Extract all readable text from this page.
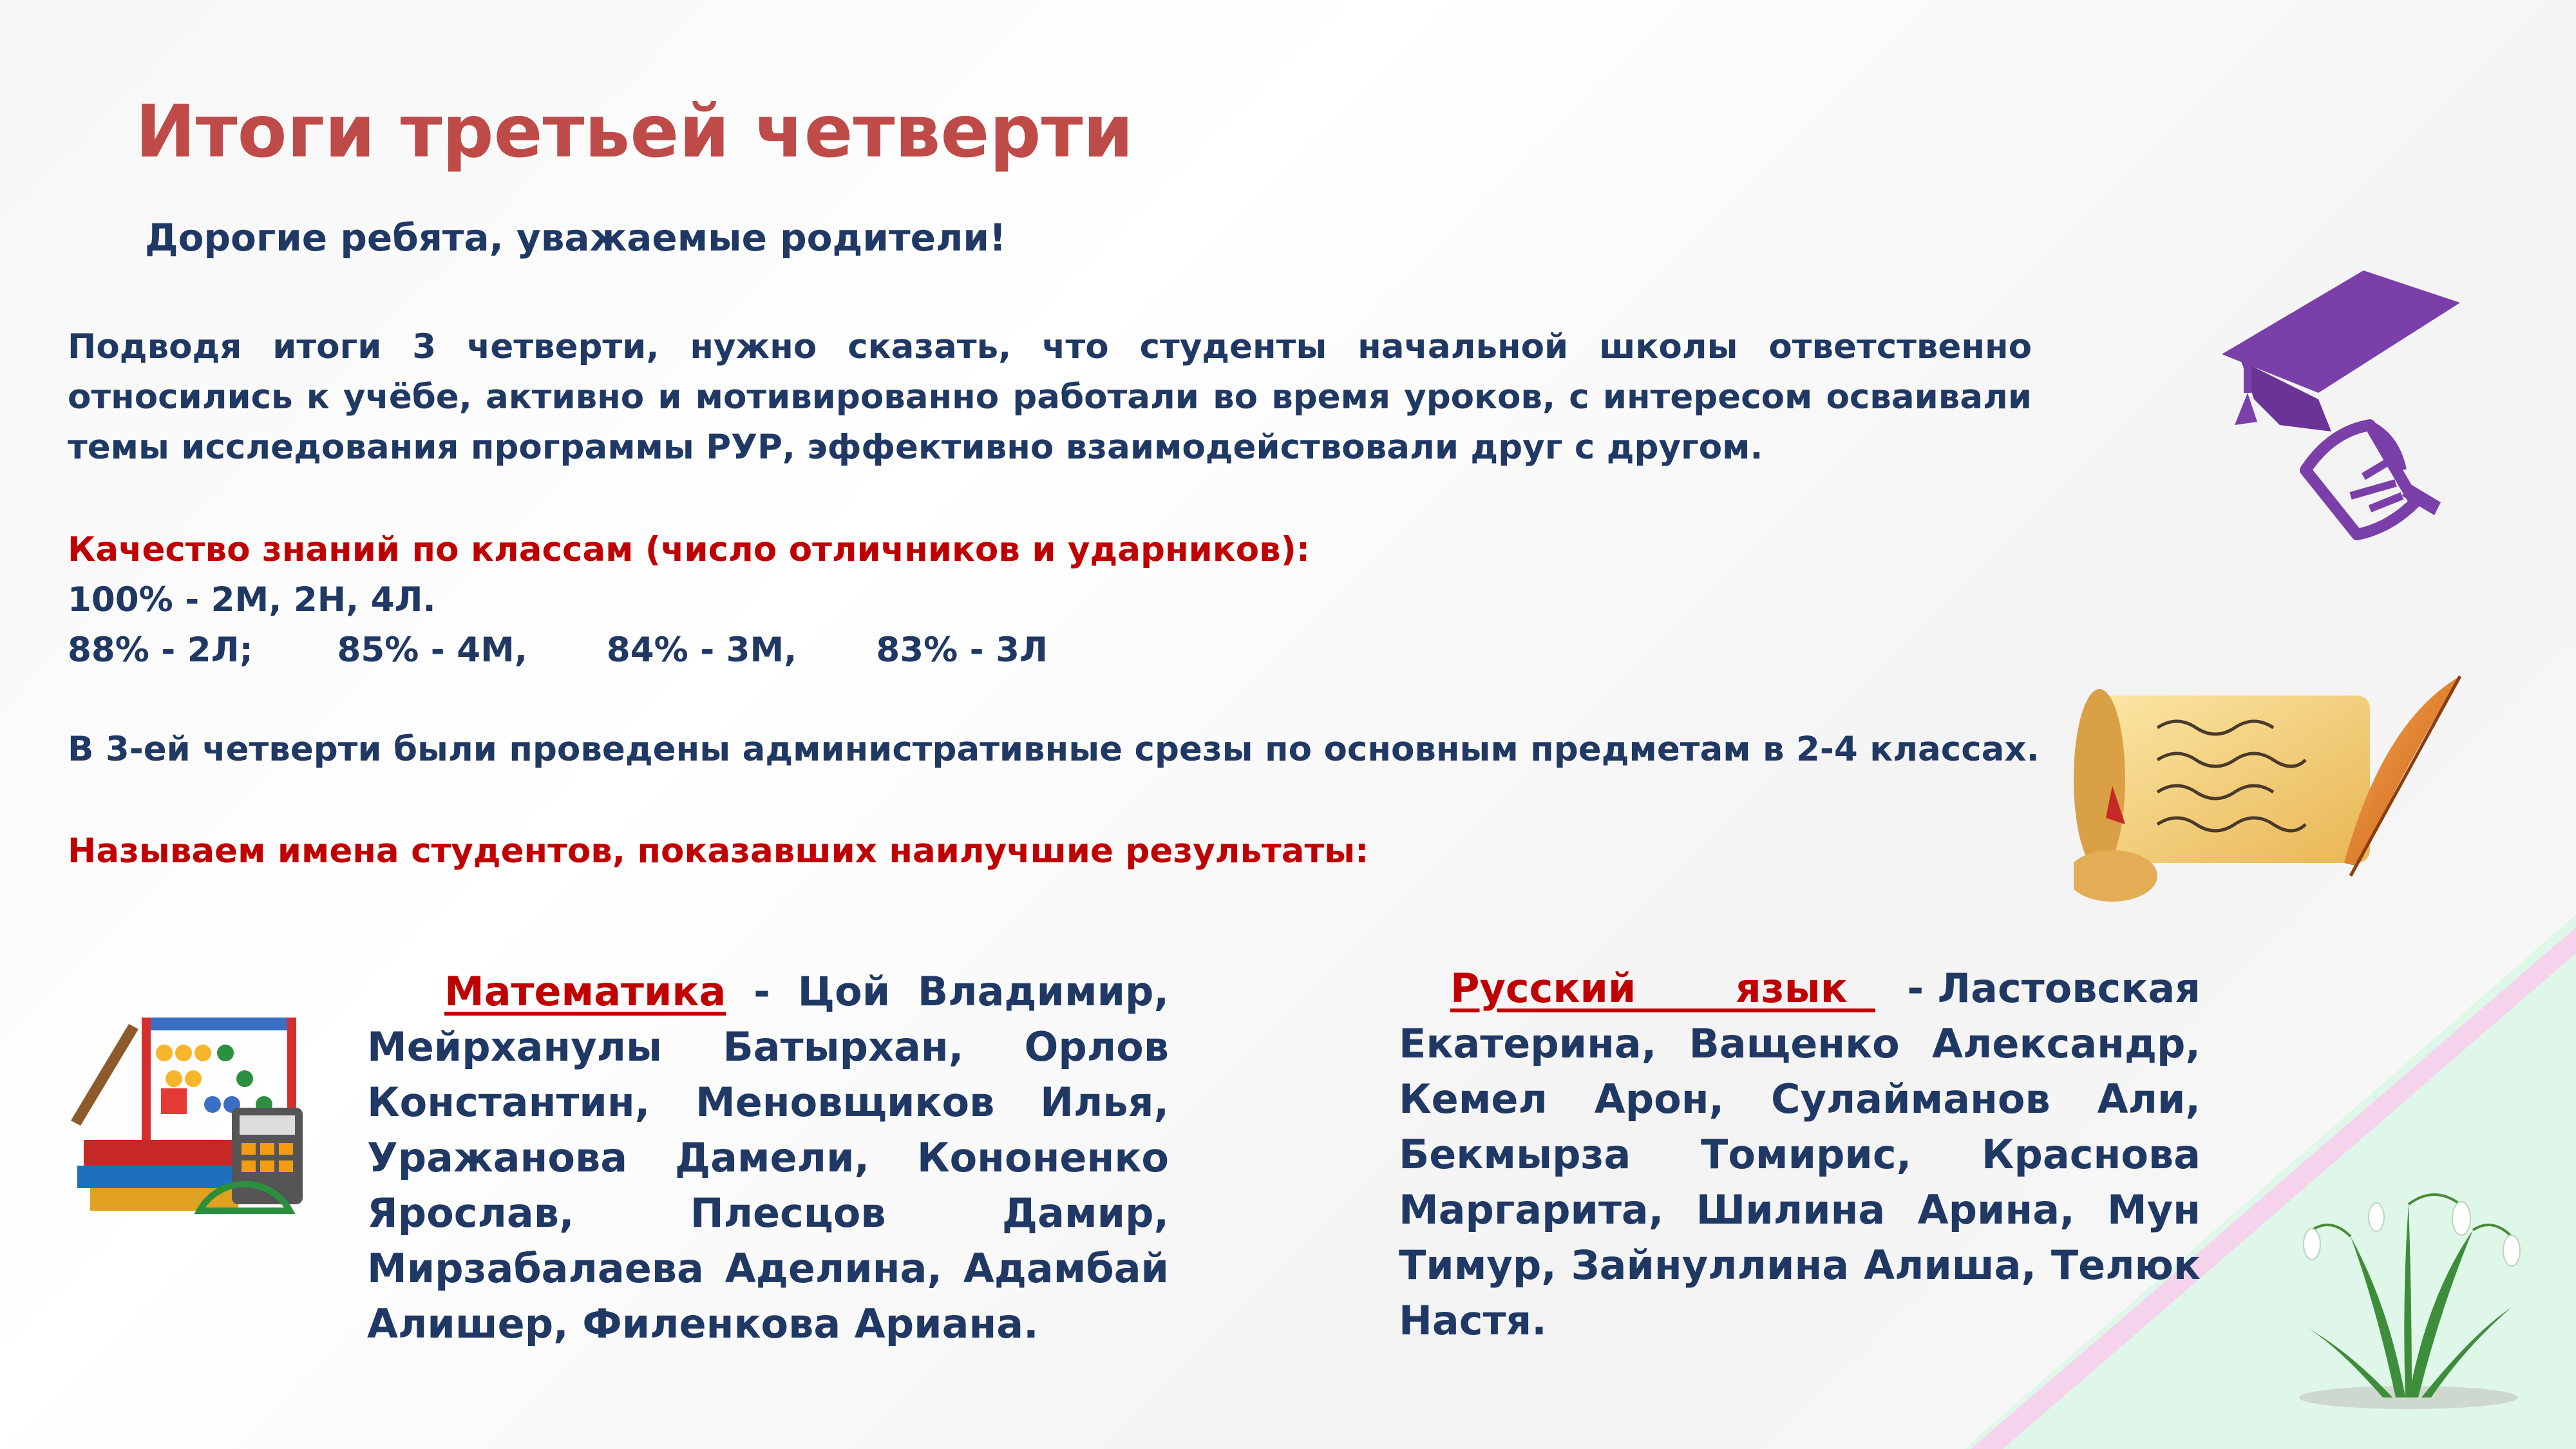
Итоги третьей четверти
Дорогие ребята, уважаемые родители!
Подводя итоги 3 четверти, нужно сказать, что студенты начальной школы ответственно относились к учёбе, активно и мотивированно работали во время уроков, с интересом осваивали темы исследования программы РУР, эффективно взаимодействовали друг с другом.
Качество знаний по классам (число отличников и ударников):
100% - 2М, 2Н, 4Л.
88% - 2Л; 85% - 4М, 84% - 3М, 83% - 3Л
В 3-ей четверти были проведены административные срезы по основным предметам в 2-4 классах.
Называем имена студентов, показавших наилучшие результаты:
Математика - Цой Владимир,
Мейрханулы Батырхан, Орлов
Константин, Меновщиков Илья,
Уражанова Дамели, Кононенко
Ярослав, Плесцов Дамир,
Мирзабалаева Аделина, Адамбай
Алишер, Филенкова Ариана.
Русский язык  - Ластовская
Екатерина, Ващенко Александр,
Кемел Арон, Сулайманов Али,
Бекмырза Томирис, Краснова
Маргарита, Шилина Арина, Мун
Тимур, Зайнуллина Алиша, Телюк
Настя.
